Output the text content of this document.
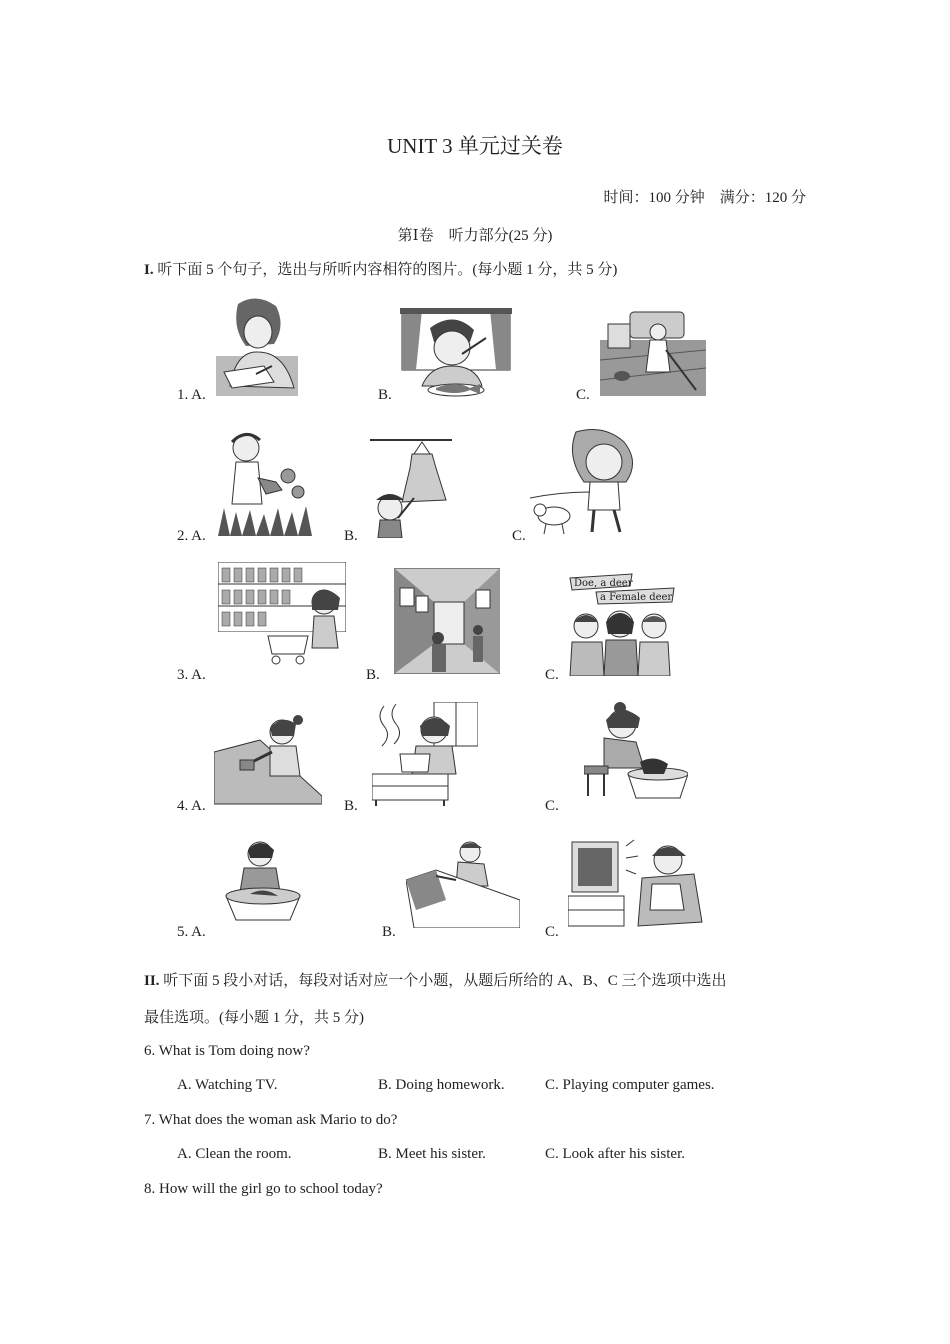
UNIT 3 单元过关卷
时间：100 分钟　满分：120 分
第Ⅰ卷　听力部分(25 分)
I. 听下面 5 个句子，选出与所听内容相符的图片。(每小题 1 分，共 5 分)
1. A.	B.	C.
2. A.	B.	C.
3. A.	B.	C.
Doe, a deer
a Female deer
4. A.	B.	C.
5. A.	B.	C.
II. 听下面 5 段小对话，每段对话对应一个小题，从题后所给的 A、B、C 三个选项中选出
最佳选项。(每小题 1 分，共 5 分)
6. What is Tom doing now?
A. Watching TV.	B. Doing homework.	C. Playing computer games.
7. What does the woman ask Mario to do?
A. Clean the room.	B. Meet his sister.	C. Look after his sister.
8. How will the girl go to school today?
